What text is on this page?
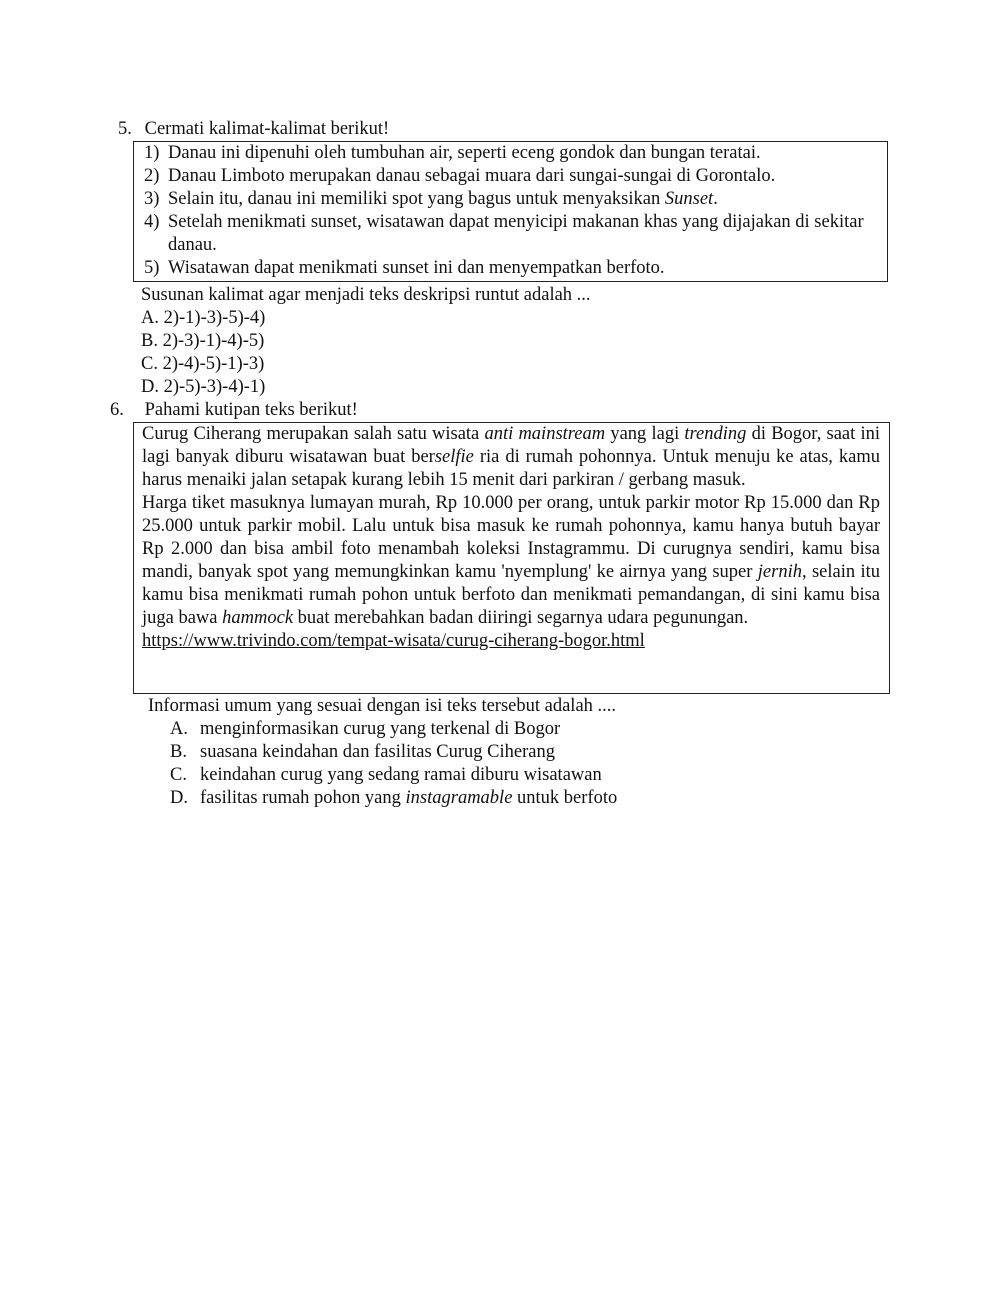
5. Cermati kalimat-kalimat berikut!
1) Danau ini dipenuhi oleh tumbuhan air, seperti eceng gondok dan bungan teratai.
2) Danau Limboto merupakan danau sebagai muara dari sungai-sungai di Gorontalo.
3) Selain itu, danau ini memiliki spot yang bagus untuk menyaksikan Sunset.
4) Setelah menikmati sunset, wisatawan dapat menyicipi makanan khas yang dijajakan di sekitar danau.
5) Wisatawan dapat menikmati sunset ini dan menyempatkan berfoto.
Susunan kalimat agar menjadi teks deskripsi runtut adalah ...
A. 2)-1)-3)-5)-4)
B. 2)-3)-1)-4)-5)
C. 2)-4)-5)-1)-3)
D. 2)-5)-3)-4)-1)
6. Pahami kutipan teks berikut!

Curug Ciherang merupakan salah satu wisata anti mainstream yang lagi trending di Bogor, saat ini lagi banyak diburu wisatawan buat berselfie ria di rumah pohonnya. Untuk menuju ke atas, kamu harus menaiki jalan setapak kurang lebih 15 menit dari parkiran / gerbang masuk.

Harga tiket masuknya lumayan murah, Rp 10.000 per orang, untuk parkir motor Rp 15.000 dan Rp 25.000 untuk parkir mobil. Lalu untuk bisa masuk ke rumah pohonnya, kamu hanya butuh bayar Rp 2.000 dan bisa ambil foto menambah koleksi Instagrammu. Di curugnya sendiri, kamu bisa mandi, banyak spot yang memungkinkan kamu 'nyemplung' ke airnya yang super jernih, selain itu kamu bisa menikmati rumah pohon untuk berfoto dan menikmati pemandangan, di sini kamu bisa juga bawa hammock buat merebahkan badan diiringi segarnya udara pegunungan.

https://www.trivindo.com/tempat-wisata/curug-ciherang-bogor.html

Informasi umum yang sesuai dengan isi teks tersebut adalah ....
A. menginformasikan curug yang terkenal di Bogor
B. suasana keindahan dan fasilitas Curug Ciherang
C. keindahan curug yang sedang ramai diburu wisatawan
D. fasilitas rumah pohon yang instagramable untuk berfoto
